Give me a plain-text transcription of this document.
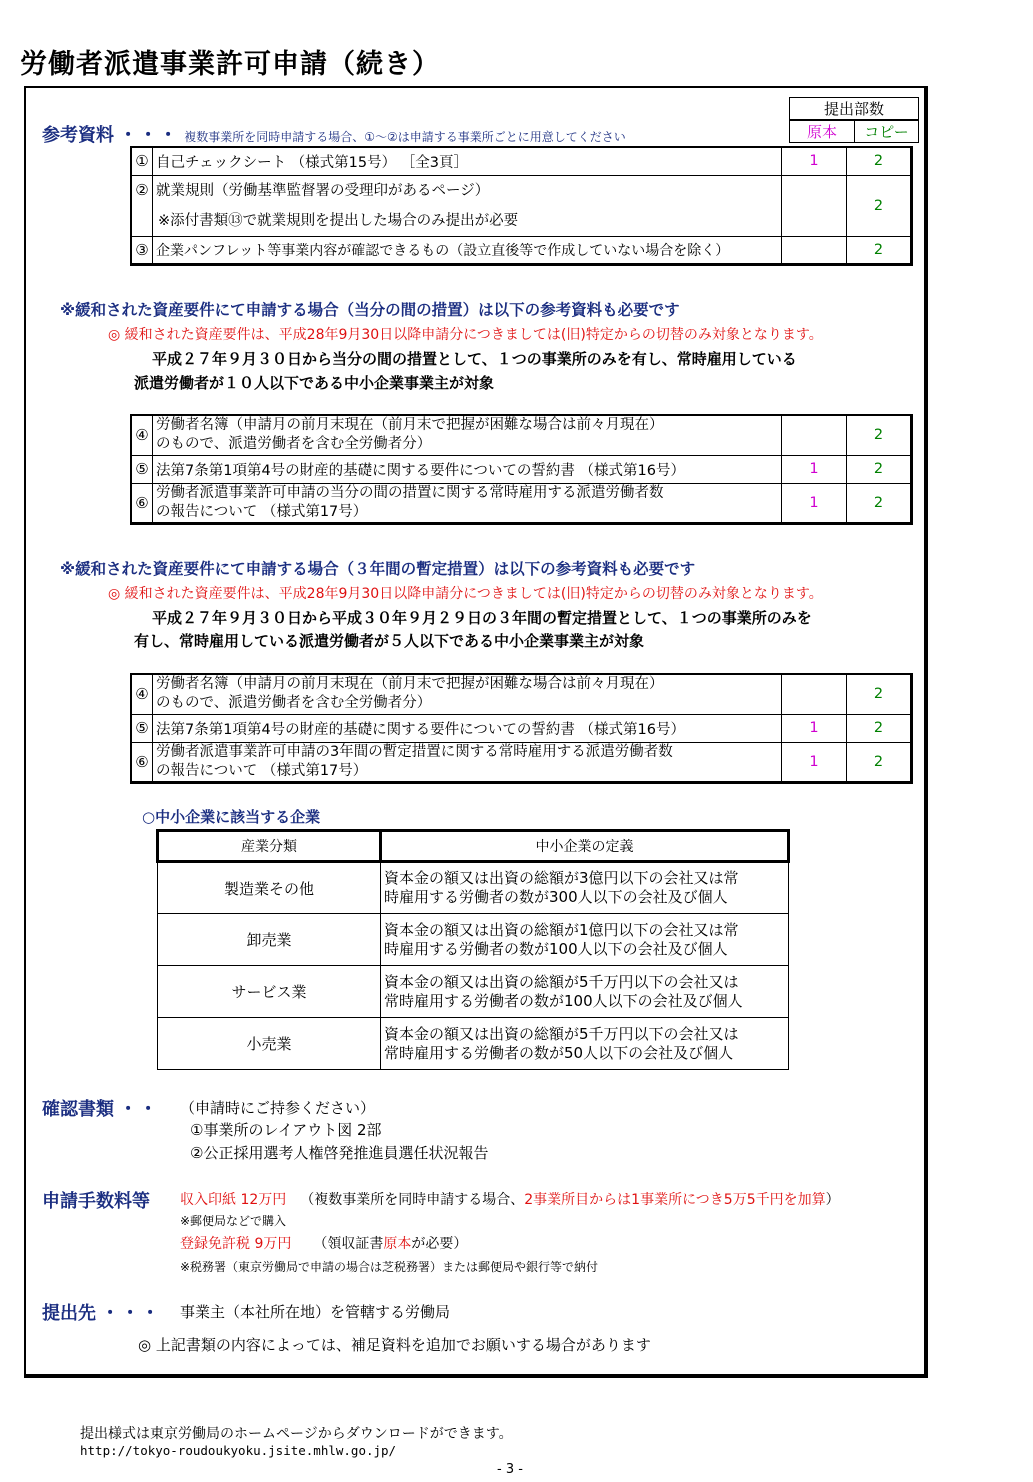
労働者派遣事業許可申請（続き）
提出部数
原本	コピー
参考資料 ・・・ 複数事業所を同時申請する場合、①～②は申請する事業所ごとに用意してください
①	自己チェックシート （様式第15号） ［全3頁］	1	2
②	就業規則（労働基準監督署の受理印があるページ）
※添付書類⑬で就業規則を提出した場合のみ提出が必要		2
③	企業パンフレット等事業内容が確認できるもの（設立直後等で作成していない場合を除く）		2
※緩和された資産要件にて申請する場合（当分の間の措置）は以下の参考資料も必要です
◎ 緩和された資産要件は、平成28年9月30日以降申請分につきましては(旧)特定からの切替のみ対象となります。
平成２７年９月３０日から当分の間の措置として、１つの事業所のみを有し、常時雇用している
派遣労働者が１０人以下である中小企業事業主が対象
④	労働者名簿（申請月の前月末現在（前月末で把握が困難な場合は前々月現在）
のもので、派遣労働者を含む全労働者分）		2
⑤	法第7条第1項第4号の財産的基礎に関する要件についての誓約書 （様式第16号）	1	2
⑥	労働者派遣事業許可申請の当分の間の措置に関する常時雇用する派遣労働者数
の報告について （様式第17号）	1	2
※緩和された資産要件にて申請する場合（３年間の暫定措置）は以下の参考資料も必要です
◎ 緩和された資産要件は、平成28年9月30日以降申請分につきましては(旧)特定からの切替のみ対象となります。
平成２７年９月３０日から平成３０年９月２９日の３年間の暫定措置として、１つの事業所のみを
有し、常時雇用している派遣労働者が５人以下である中小企業事業主が対象
④	労働者名簿（申請月の前月末現在（前月末で把握が困難な場合は前々月現在）
のもので、派遣労働者を含む全労働者分）		2
⑤	法第7条第1項第4号の財産的基礎に関する要件についての誓約書 （様式第16号）	1	2
⑥	労働者派遣事業許可申請の3年間の暫定措置に関する常時雇用する派遣労働者数
の報告について （様式第17号）	1	2
○中小企業に該当する企業
産業分類	中小企業の定義
製造業その他	資本金の額又は出資の総額が3億円以下の会社又は常
時雇用する労働者の数が300人以下の会社及び個人

卸売業	資本金の額又は出資の総額が1億円以下の会社又は常
時雇用する労働者の数が100人以下の会社及び個人

サービス業	資本金の額又は出資の総額が5千万円以下の会社又は
常時雇用する労働者の数が100人以下の会社及び個人

小売業	資本金の額又は出資の総額が5千万円以下の会社又は
常時雇用する労働者の数が50人以下の会社及び個人
確認書類 ・・ （申請時にご持参ください）
①事業所のレイアウト図 2部
②公正採用選考人権啓発推進員選任状況報告
申請手数料等 収入印紙 12万円 （複数事業所を同時申請する場合、2事業所目からは1事業所につき5万5千円を加算）
※郵便局などで購入
登録免許税 9万円 （領収証書原本が必要）
※税務署（東京労働局で申請の場合は芝税務署）または郵便局や銀行等で納付
提出先 ・・・ 事業主（本社所在地）を管轄する労働局
◎ 上記書類の内容によっては、補足資料を追加でお願いする場合があります
提出様式は東京労働局のホームページからダウンロードができます。
http://tokyo-roudoukyoku.jsite.mhlw.go.jp/
- 3 -
